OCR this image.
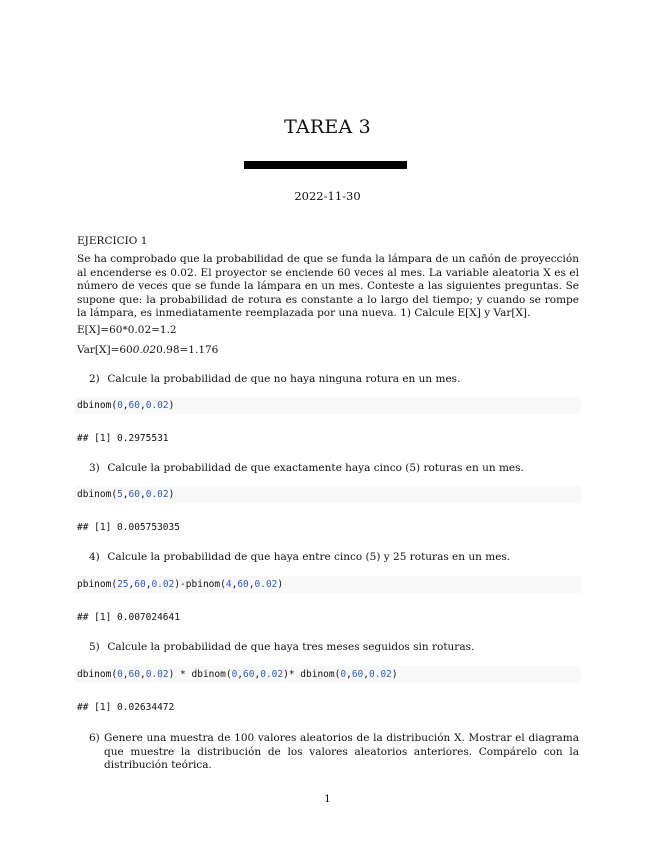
TAREA 3
2022-11-30
EJERCICIO 1
Se ha comprobado que la probabilidad de que se funda la lámpara de un cañón de proyección al encenderse es 0.02. El proyector se enciende 60 veces al mes. La variable aleatoria X es el número de veces que se funde la lámpara en un mes. Conteste a las siguientes preguntas. Se supone que: la probabilidad de rotura es constante a lo largo del tiempo; y cuando se rompe la lámpara, es inmediatamente reemplazada por una nueva. 1) Calcule E[X] y Var[X].
E[X]=60*0.02=1.2
Var[X]=600.020.98=1.176
2) Calcule la probabilidad de que no haya ninguna rotura en un mes.
dbinom(0,60,0.02)
## [1] 0.2975531
3) Calcule la probabilidad de que exactamente haya cinco (5) roturas en un mes.
dbinom(5,60,0.02)
## [1] 0.005753035
4) Calcule la probabilidad de que haya entre cinco (5) y 25 roturas en un mes.
pbinom(25,60,0.02)-pbinom(4,60,0.02)
## [1] 0.007024641
5) Calcule la probabilidad de que haya tres meses seguidos sin roturas.
dbinom(0,60,0.02) * dbinom(0,60,0.02)* dbinom(0,60,0.02)
## [1] 0.02634472
6) Genere una muestra de 100 valores aleatorios de la distribución X. Mostrar el diagrama que muestre la distribución de los valores aleatorios anteriores. Compárelo con la distribución teórica.
1
